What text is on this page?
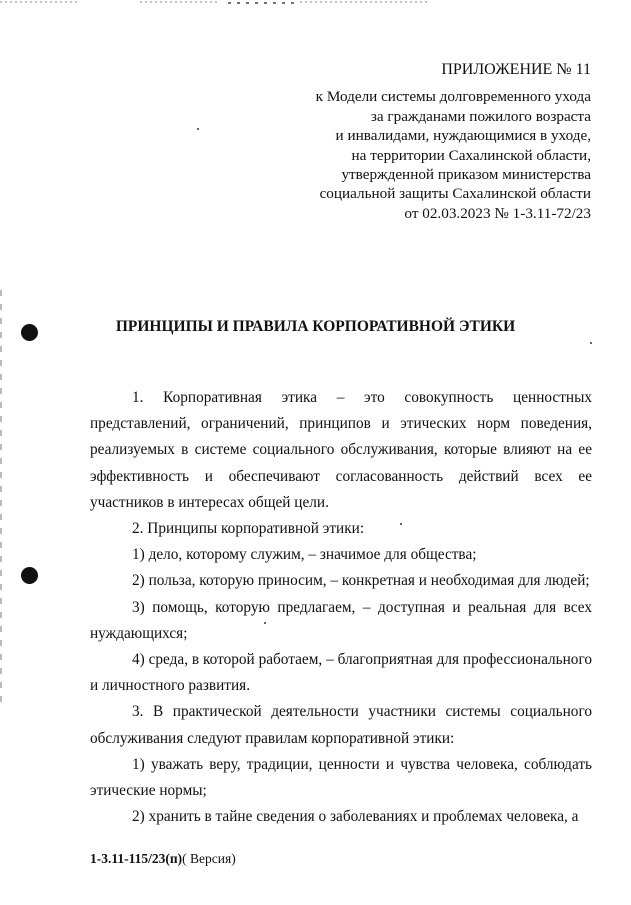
ПРИЛОЖЕНИЕ № 11
к Модели системы долговременного ухода
за гражданами пожилого возраста
и инвалидами, нуждающимися в уходе,
на территории Сахалинской области,
утвержденной приказом министерства
социальной защиты Сахалинской области
от 02.03.2023 № 1-3.11-72/23
ПРИНЦИПЫ И ПРАВИЛА КОРПОРАТИВНОЙ ЭТИКИ

1. Корпоративная этика – это совокупность ценностных представлений, ограничений, принципов и этических норм поведения, реализуемых в системе социального обслуживания, которые влияют на ее эффективность и обеспечивают согласованность действий всех ее участников в интересах общей цели.

2. Принципы корпоративной этики:

1) дело, которому служим, – значимое для общества;

2) польза, которую приносим, – конкретная и необходимая для людей;

3) помощь, которую предлагаем, – доступная и реальная для всех нуждающихся;

4) среда, в которой работаем, – благоприятная для профессионального и личностного развития.

3. В практической деятельности участники системы социального обслуживания следуют правилам корпоративной этики:

1) уважать веру, традиции, ценности и чувства человека, соблюдать этические нормы;

2) хранить в тайне сведения о заболеваниях и проблемах человека, а

1-3.11-115/23(п)( Версия)
